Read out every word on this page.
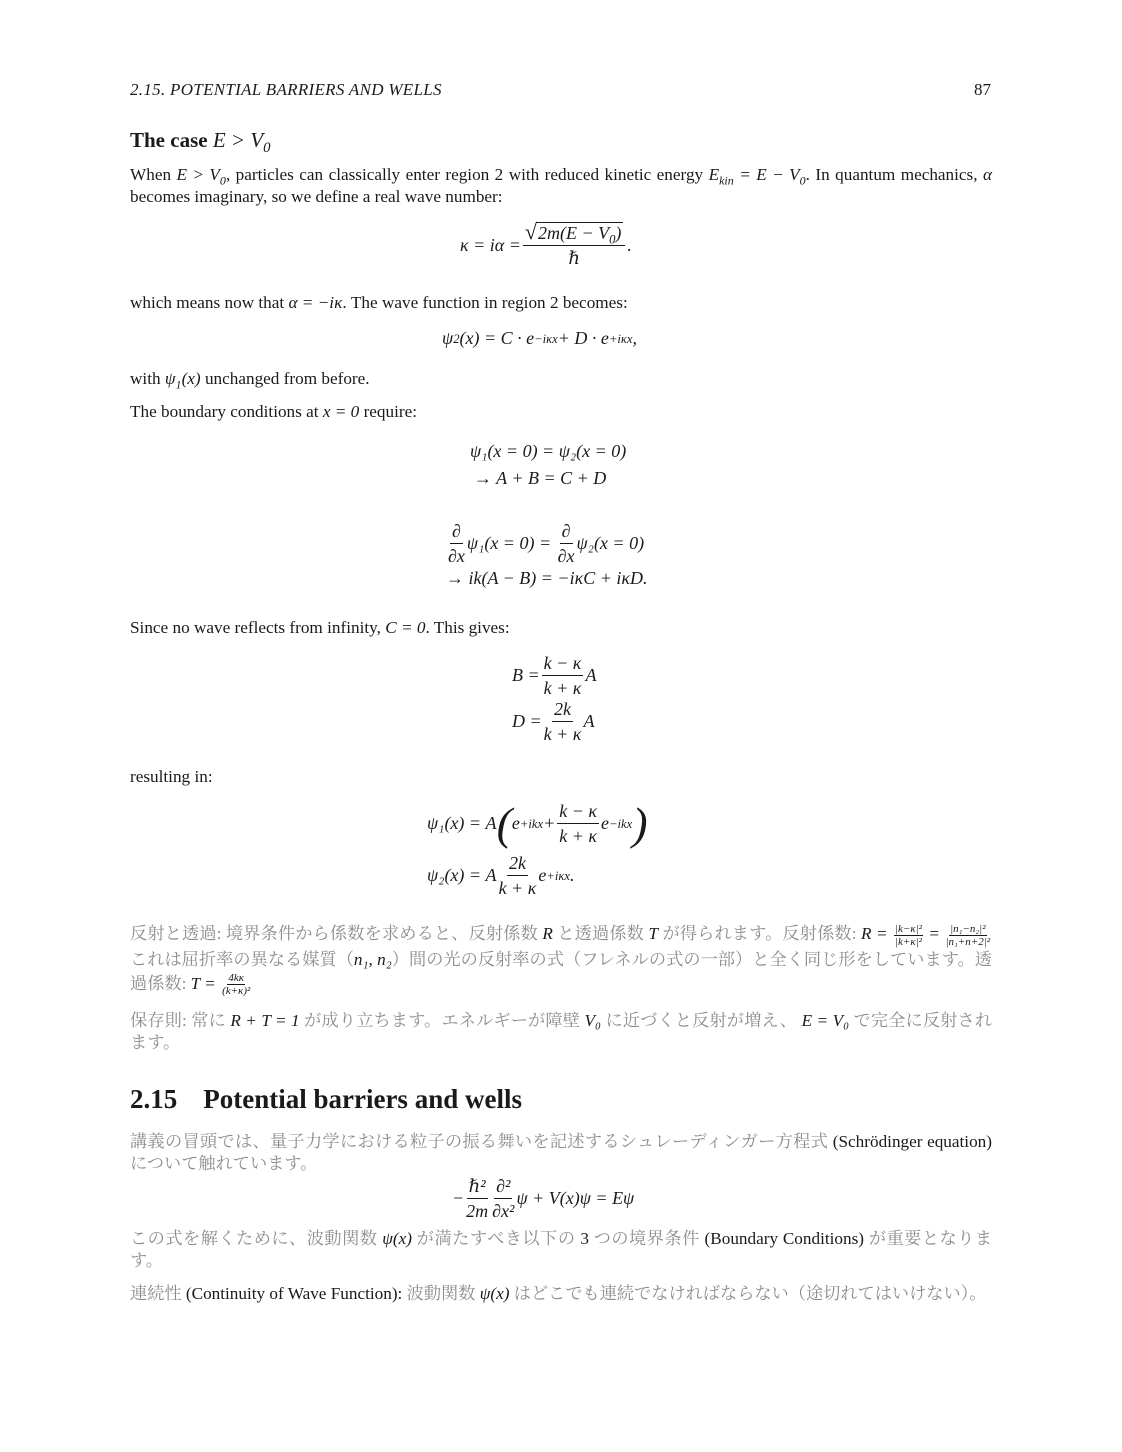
2.15. POTENTIAL BARRIERS AND WELLS	87
The case $E > V_0$
When $E > V_0$, particles can classically enter region 2 with reduced kinetic energy $E_{kin} = E - V_0$. In quantum mechanics, α becomes imaginary, so we define a real wave number:
$\kappa = i\alpha = \frac{√ 2m(E - V_0)}{\text{ℏ}}$ .
which means now that α = −iκ. The wave function in region 2 becomes:
ψ 2 (x) = C · e −iκx + D · e +iκx ,
with $\psi_1(x)$ unchanged from before.
The boundary conditions at x = 0 require:
ψ₁(x = 0) = ψ₂(x = 0)
→ A + B = C + D
$\frac{\partial}{\partial x} \psi_1(x = 0)$ =
$\frac{\partial}{\partial x} \psi_2(x = 0)$
→ ik(A − B) = −iκC + iκD.
Since no wave reflects from infinity, C = 0. This gives:
$B = \frac{k - \kappa}{k + \kappa}$ A
$D = \frac{2k}{k + \kappa}$ A
resulting in:
ψ₁(x) = A ( $e +ikx + \frac{k - \kappa}{k + \kappa}$ e −ikx )
ψ₂(x) = A $\frac{2k}{k + \kappa}$ e +iκx .
反射と透過: 境界条件から係数を求めると、反射係数 R と透過係数 T が得られます。反射係数: $R = \frac{\text{|k−κ|²}}{\text{|k+κ|²}} = \frac{\text{|n₁−n₂|²}}{\text{|n₁+n+2|²}}$
これは屈折率の異なる媒質（n₁, n₂）間の光の反射率の式（フレネルの式の一部）と全く同じ形をしています。透過係数: $T = \frac{4k\kappa}{\text{(k+κ)²}}$
保存則: 常に R + T = 1 が成り立ちます。エネルギーが障壁 V₀ に近づくと反射が増え、 E = V₀ で完全に反射されます。
2.15 Potential barriers and wells
講義の冒頭では、量子力学における粒子の振る舞いを記述するシュレーディンガー方程式 (Schrödinger equation) について触れています。
− $\frac{\text{ℏ²}}{2m} \frac{\text{∂²}}{\text{∂x²}}$ ψ + V(x)ψ = Eψ
この式を解くために、波動関数 ψ(x) が満たすべき以下の 3 つの境界条件 (Boundary Conditions) が重要となります。
連続性 (Continuity of Wave Function): 波動関数 ψ(x) はどこでも連続でなければならない（途切れてはいけない）。
